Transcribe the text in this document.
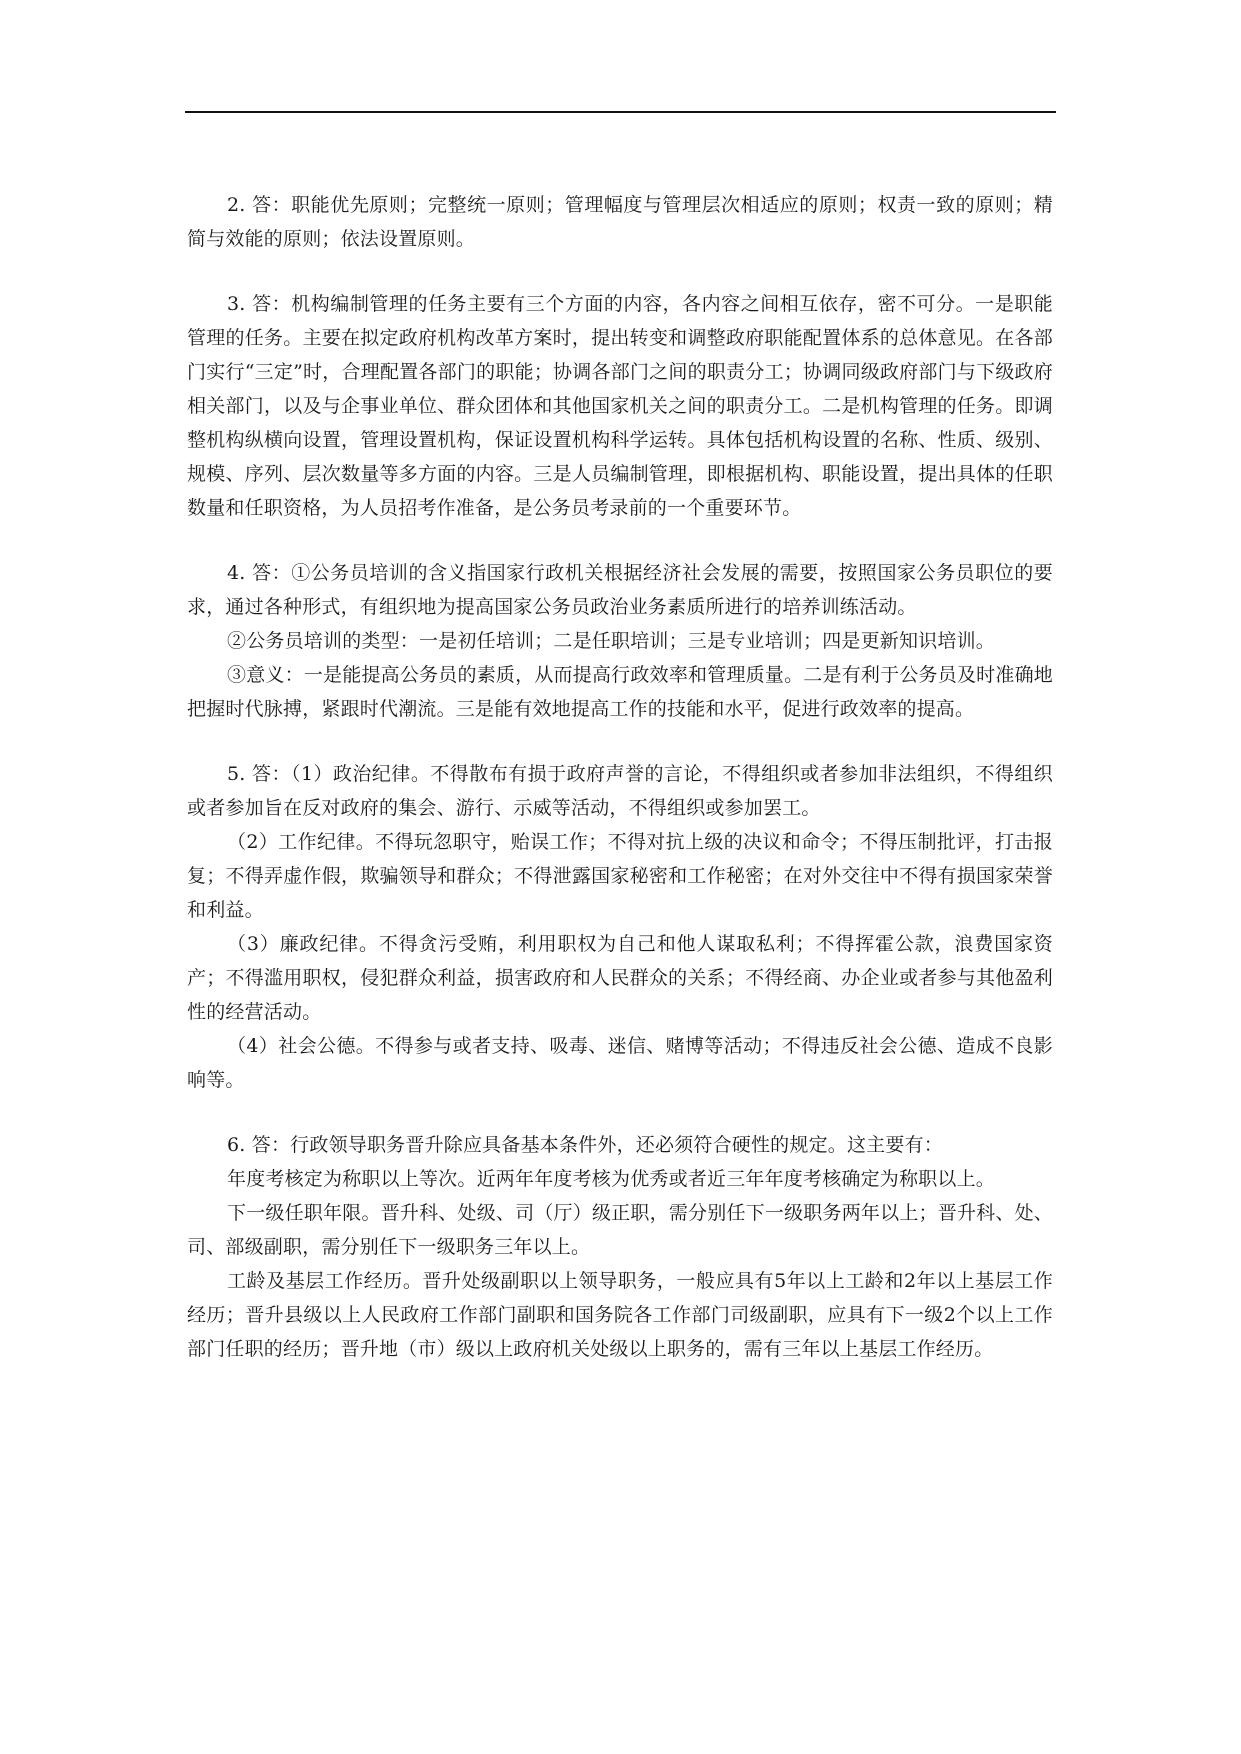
2. 答：职能优先原则；完整统一原则；管理幅度与管理层次相适应的原则；权责一致的原则；精简与效能的原则；依法设置原则。

3. 答：机构编制管理的任务主要有三个方面的内容，各内容之间相互依存，密不可分。一是职能管理的任务。主要在拟定政府机构改革方案时，提出转变和调整政府职能配置体系的总体意见。在各部门实行“三定”时，合理配置各部门的职能；协调各部门之间的职责分工；协调同级政府部门与下级政府相关部门，以及与企事业单位、群众团体和其他国家机关之间的职责分工。二是机构管理的任务。即调整机构纵横向设置，管理设置机构，保证设置机构科学运转。具体包括机构设置的名称、性质、级别、规模、序列、层次数量等多方面的内容。三是人员编制管理，即根据机构、职能设置，提出具体的任职数量和任职资格，为人员招考作准备，是公务员考录前的一个重要环节。

4. 答：①公务员培训的含义指国家行政机关根据经济社会发展的需要，按照国家公务员职位的要求，通过各种形式，有组织地为提高国家公务员政治业务素质所进行的培养训练活动。

②公务员培训的类型：一是初任培训；二是任职培训；三是专业培训；四是更新知识培训。

③意义：一是能提高公务员的素质，从而提高行政效率和管理质量。二是有利于公务员及时准确地把握时代脉搏，紧跟时代潮流。三是能有效地提高工作的技能和水平，促进行政效率的提高。

5. 答：（1）政治纪律。不得散布有损于政府声誉的言论，不得组织或者参加非法组织，不得组织或者参加旨在反对政府的集会、游行、示威等活动，不得组织或参加罢工。

（2）工作纪律。不得玩忽职守，贻误工作；不得对抗上级的决议和命令；不得压制批评，打击报复；不得弄虚作假，欺骗领导和群众；不得泄露国家秘密和工作秘密；在对外交往中不得有损国家荣誉和利益。

（3）廉政纪律。不得贪污受贿，利用职权为自己和他人谋取私利；不得挥霍公款，浪费国家资产；不得滥用职权，侵犯群众利益，损害政府和人民群众的关系；不得经商、办企业或者参与其他盈利性的经营活动。

（4）社会公德。不得参与或者支持、吸毒、迷信、赌博等活动；不得违反社会公德、造成不良影响等。

6. 答：行政领导职务晋升除应具备基本条件外，还必须符合硬性的规定。这主要有：

年度考核定为称职以上等次。近两年年度考核为优秀或者近三年年度考核确定为称职以上。

下一级任职年限。晋升科、处级、司（厅）级正职，需分别任下一级职务两年以上；晋升科、处、司、部级副职，需分别任下一级职务三年以上。

工龄及基层工作经历。晋升处级副职以上领导职务，一般应具有5年以上工龄和2年以上基层工作经历；晋升县级以上人民政府工作部门副职和国务院各工作部门司级副职，应具有下一级2个以上工作部门任职的经历；晋升地（市）级以上政府机关处级以上职务的，需有三年以上基层工作经历。
